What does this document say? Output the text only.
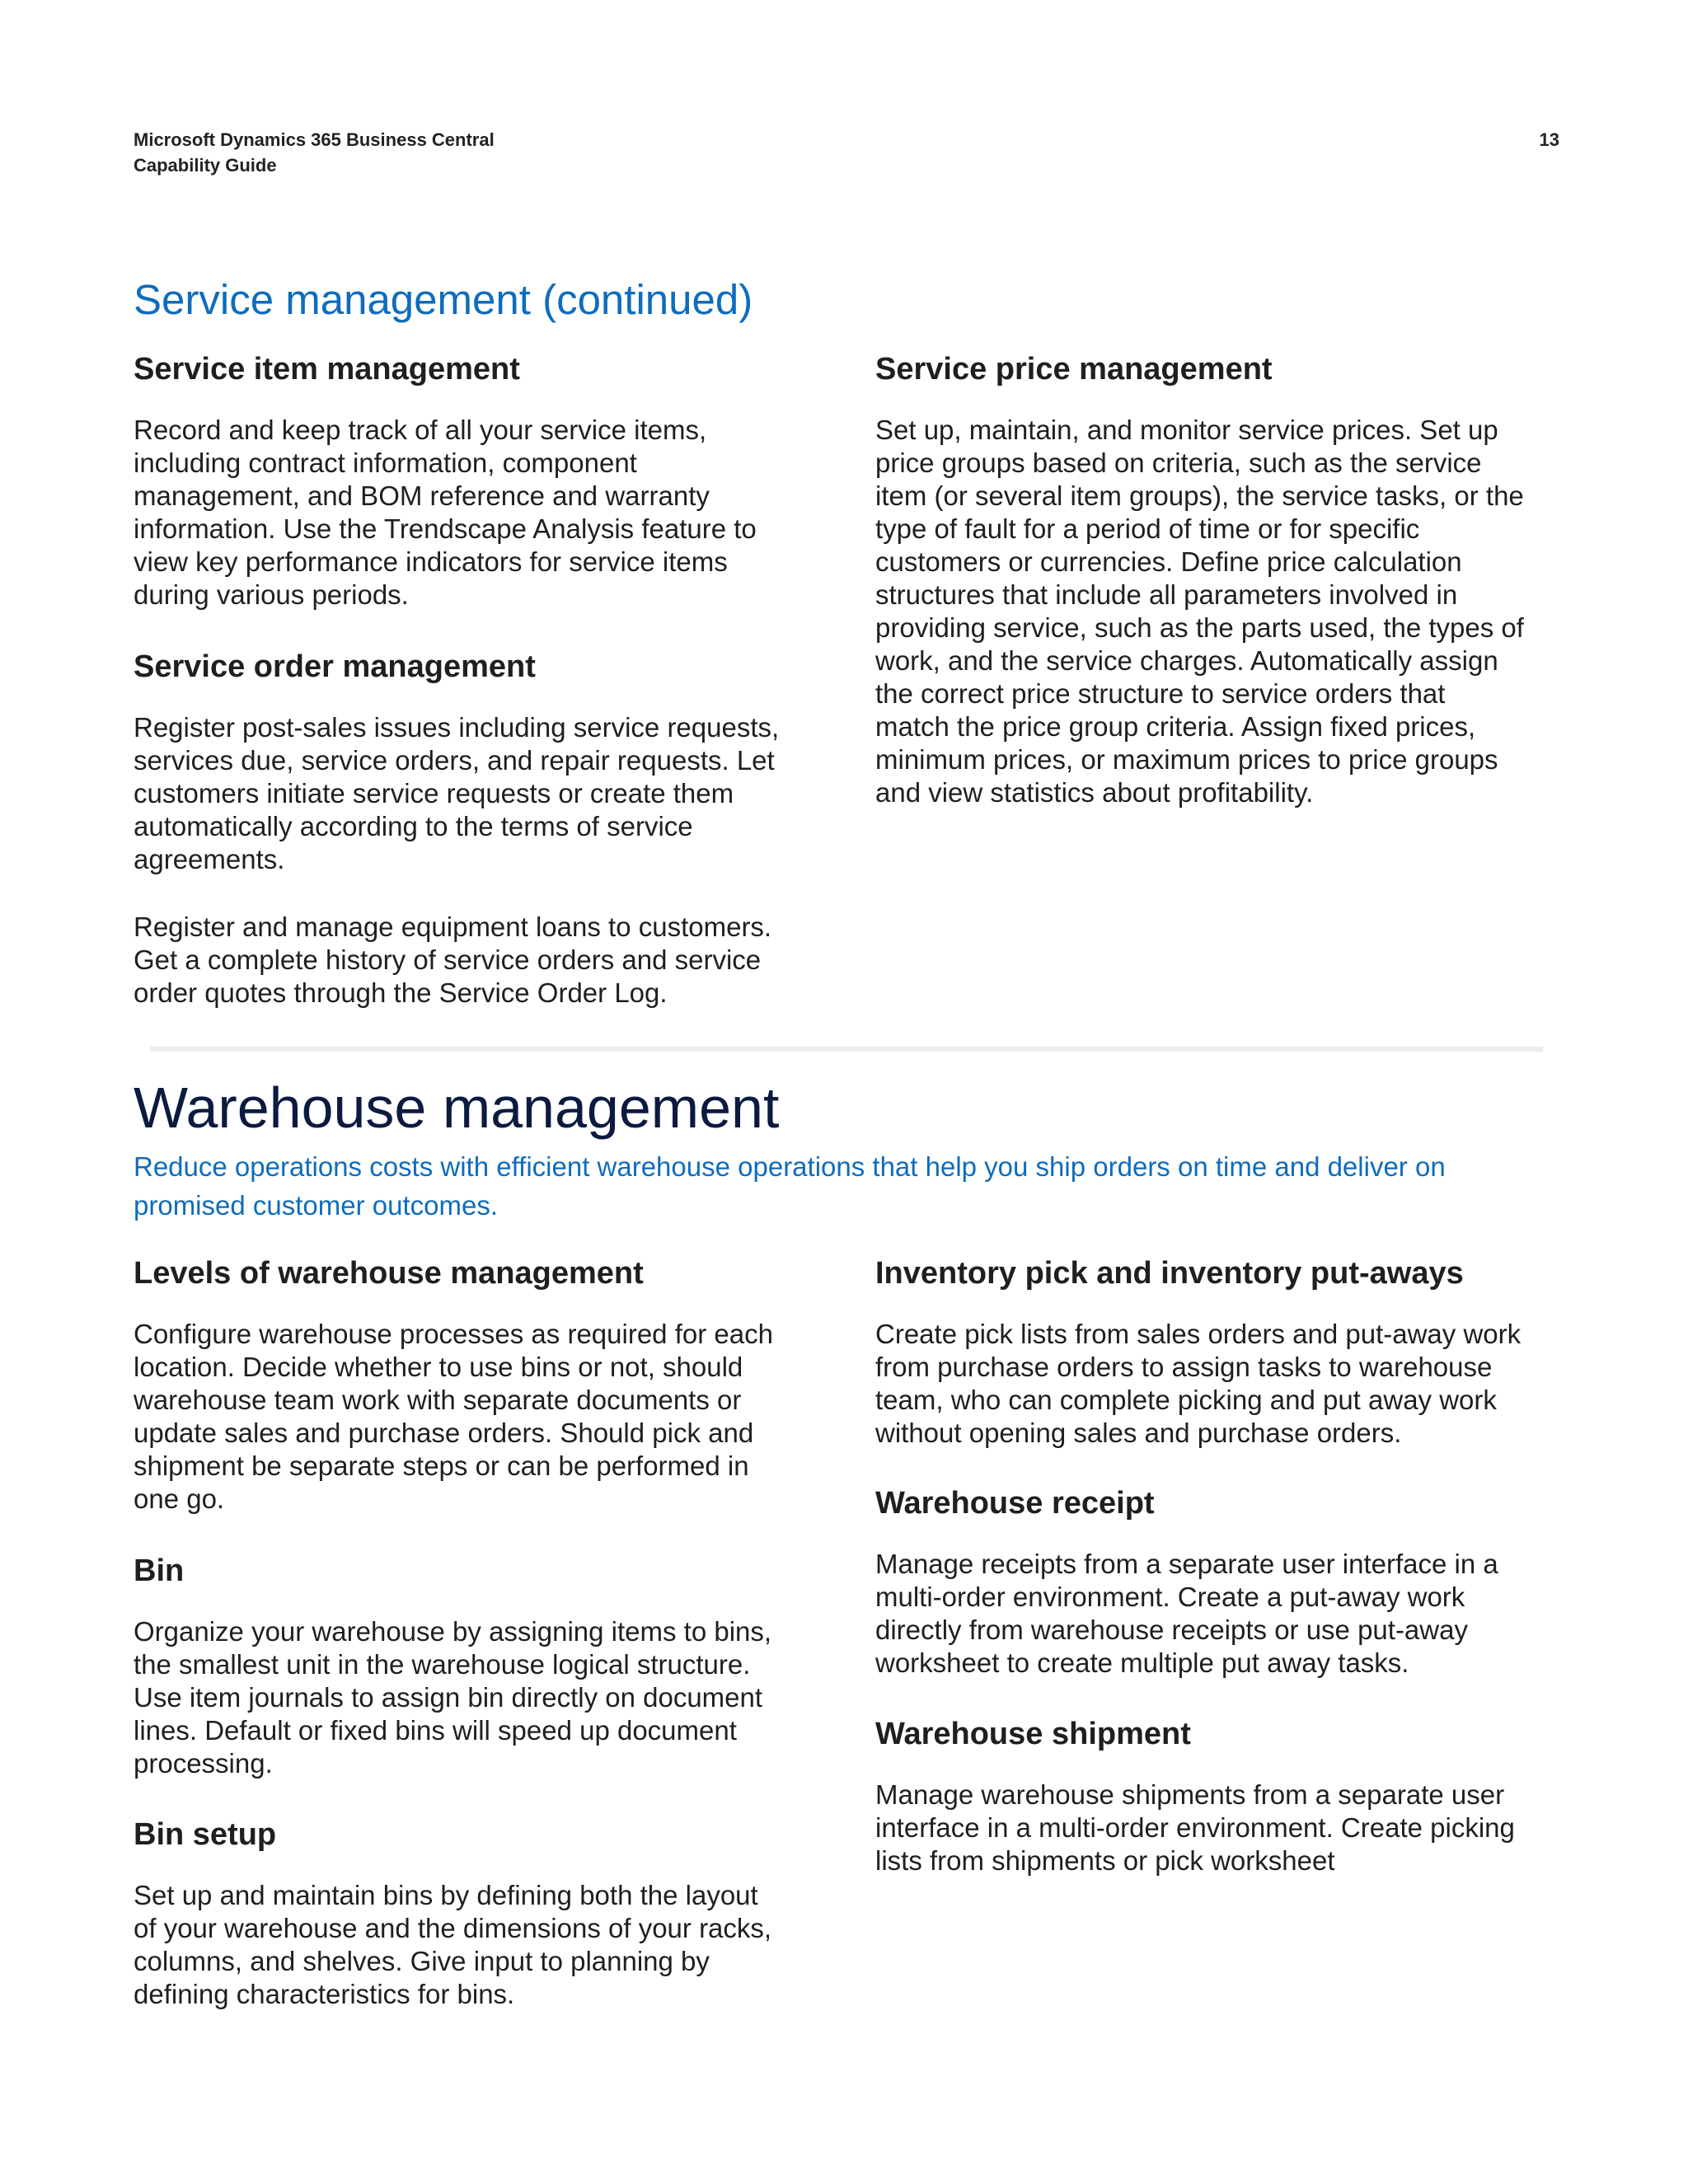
Microsoft Dynamics 365 Business Central
Capability Guide
13
Service management (continued)
Service item management

Record and keep track of all your service items, including contract information, component management, and BOM reference and warranty information. Use the Trendscape Analysis feature to view key performance indicators for service items during various periods.

Service order management

Register post-sales issues including service requests, services due, service orders, and repair requests. Let customers initiate service requests or create them automatically according to the terms of service agreements.

Register and manage equipment loans to customers. Get a complete history of service orders and service order quotes through the Service Order Log.

Service price management

Set up, maintain, and monitor service prices. Set up price groups based on criteria, such as the service item (or several item groups), the service tasks, or the type of fault for a period of time or for specific customers or currencies. Define price calculation structures that include all parameters involved in providing service, such as the parts used, the types of work, and the service charges. Automatically assign the correct price structure to service orders that match the price group criteria. Assign fixed prices, minimum prices, or maximum prices to price groups and view statistics about profitability.

Warehouse management
Reduce operations costs with efficient warehouse operations that help you ship orders on time and deliver on promised customer outcomes.
Levels of warehouse management

Configure warehouse processes as required for each location. Decide whether to use bins or not, should warehouse team work with separate documents or update sales and purchase orders. Should pick and shipment be separate steps or can be performed in one go.

Bin

Organize your warehouse by assigning items to bins, the smallest unit in the warehouse logical structure. Use item journals to assign bin directly on document lines. Default or fixed bins will speed up document processing.

Bin setup

Set up and maintain bins by defining both the layout of your warehouse and the dimensions of your racks, columns, and shelves. Give input to planning by defining characteristics for bins.

Inventory pick and inventory put-aways

Create pick lists from sales orders and put-away work from purchase orders to assign tasks to warehouse team, who can complete picking and put away work without opening sales and purchase orders.

Warehouse receipt

Manage receipts from a separate user interface in a multi-order environment. Create a put-away work directly from warehouse receipts or use put-away worksheet to create multiple put away tasks.

Warehouse shipment

Manage warehouse shipments from a separate user interface in a multi-order environment. Create picking lists from shipments or pick worksheet
